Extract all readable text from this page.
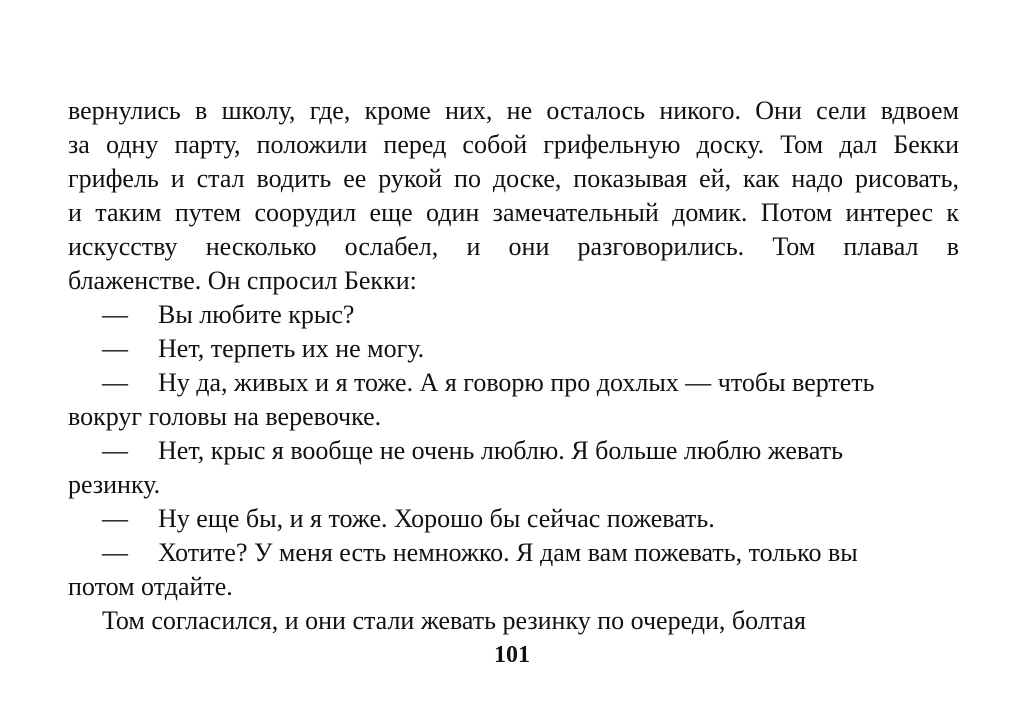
вернулись в школу, где, кроме них, не осталось никого. Они сели вдвоем
за одну парту, положили перед собой грифельную доску. Том дал Бекки
грифель и стал водить ее рукой по доске, показывая ей, как надо рисовать,
и таким путем соорудил еще один замечательный домик. Потом интерес к
искусству несколько ослабел, и они разговорились. Том плавал в
блаженстве. Он спросил Бекки:
— Вы любите крыс?
— Нет, терпеть их не могу.
— Ну да, живых и я тоже. А я говорю про дохлых — чтобы вертеть
вокруг головы на веревочке.
— Нет, крыс я вообще не очень люблю. Я больше люблю жевать
резинку.
— Ну еще бы, и я тоже. Хорошо бы сейчас пожевать.
— Хотите? У меня есть немножко. Я дам вам пожевать, только вы
потом отдайте.
Том согласился, и они стали жевать резинку по очереди, болтая
101
